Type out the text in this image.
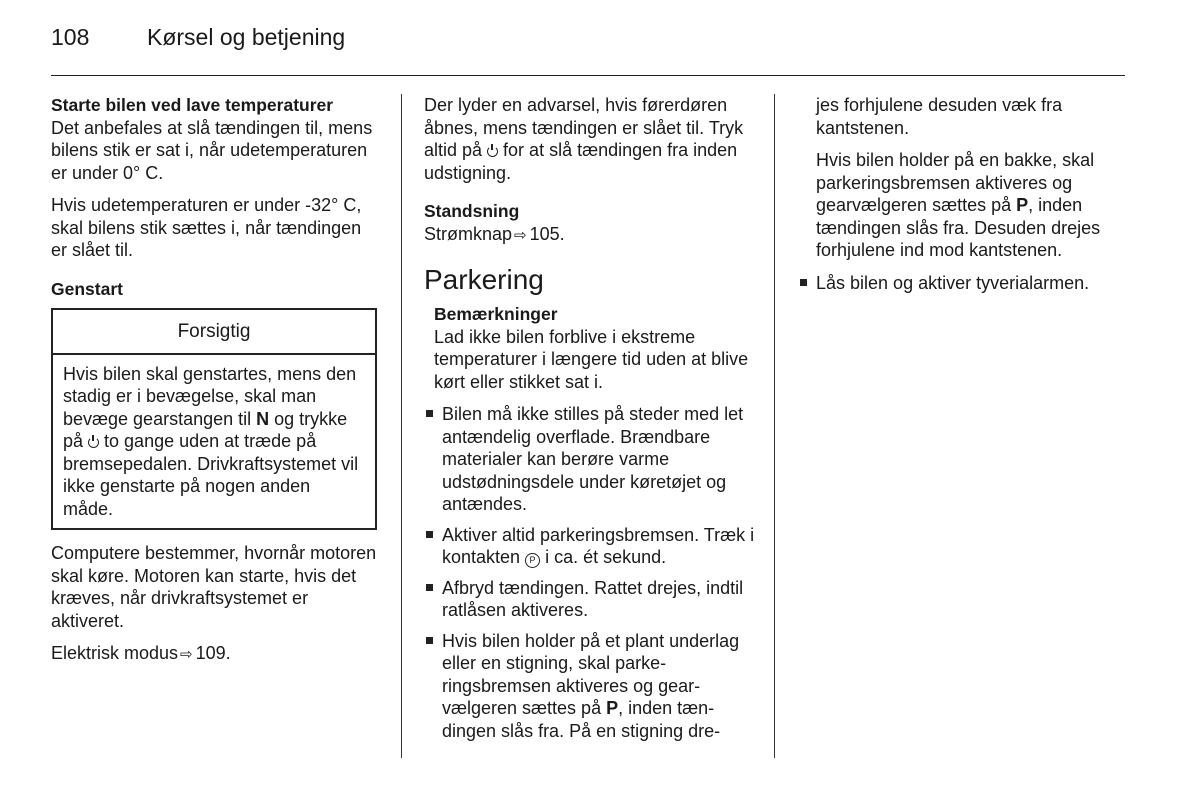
108	Kørsel og betjening
Starte bilen ved lave temperaturer

Det anbefales at slå tændingen til, mens bilens stik er sat i, når udetemperaturen er under 0° C.

Hvis udetemperaturen er under -32° C, skal bilens stik sættes i, når tændingen er slået til.

Genstart
Forsigtig
Hvis bilen skal genstartes, mens den stadig er i bevægelse, skal man bevæge gearstangen til N og trykke på  to gange uden at træde på bremsepedalen. Drivkraftsystemet vil ikke genstarte på nogen anden måde.

Computere bestemmer, hvornår motoren skal køre. Motoren kan starte, hvis det kræves, når drivkraftsystemet er aktiveret.

Elektrisk modus ⇨ 109.

Der lyder en advarsel, hvis førerdøren åbnes, mens tændingen er slået til. Tryk altid på  for at slå tændingen fra inden udstigning.

Standsning

Strømknap ⇨ 105.

Parkering
Bemærkninger

Lad ikke bilen forblive i ekstreme temperaturer i længere tid uden at blive kørt eller stikket sat i.

Bilen må ikke stilles på steder med let antændelig overflade. Brændbare materialer kan berøre varme udstødningsdele under køretøjet og antændes.
Aktiver altid parkeringsbremsen. Træk i kontakten P i ca. ét sekund.
Afbryd tændingen. Rattet drejes, indtil ratlåsen aktiveres.
Hvis bilen holder på et plant underlag eller en stigning, skal parkeringsbremsen aktiveres og gearvælgeren sættes på P, inden tændingen slås fra. På en stigning dre-

jes forhjulene desuden væk fra kantstenen.

Hvis bilen holder på en bakke, skal parkeringsbremsen aktiveres og gearvælgeren sættes på P, inden tændingen slås fra. Desuden drejes forhjulene ind mod kantstenen.

Lås bilen og aktiver tyverialarmen.
